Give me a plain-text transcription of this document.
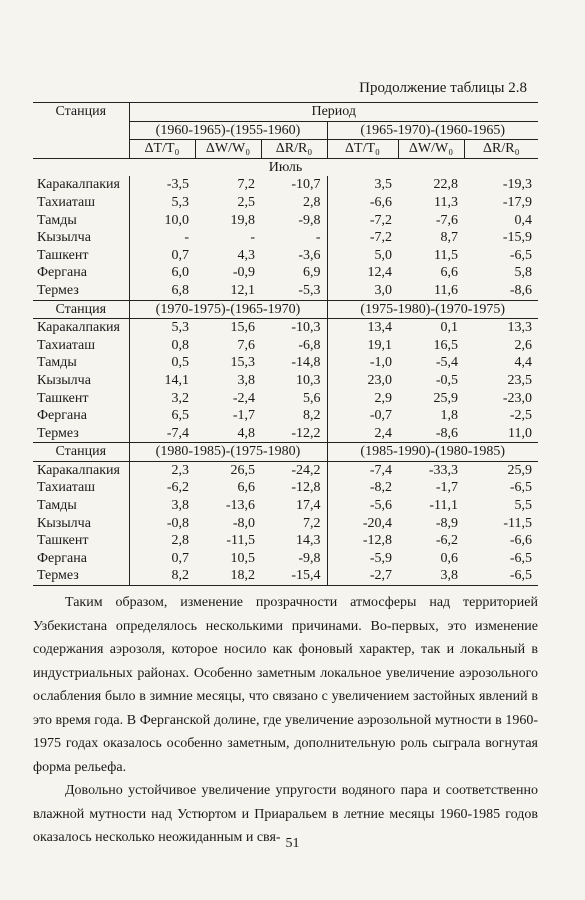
Продолжение таблицы 2.8
Станция	Период					
	(1960-1965)-(1955-1960)			(1965-1970)-(1960-1965)		
	ΔT/T₀	ΔW/W₀	ΔR/R₀	ΔT/T₀	ΔW/W₀	ΔR/R₀
Июль						
Каракалпакия	-3,5	7,2	-10,7	3,5	22,8	-19,3
Тахиаташ	5,3	2,5	2,8	-6,6	11,3	-17,9
Тамды	10,0	19,8	-9,8	-7,2	-7,6	0,4
Кызылча	-	-	-	-7,2	8,7	-15,9
Ташкент	0,7	4,3	-3,6	5,0	11,5	-6,5
Фергана	6,0	-0,9	6,9	12,4	6,6	5,8
Термез	6,8	12,1	-5,3	3,0	11,6	-8,6
Станция	(1970-1975)-(1965-1970)			(1975-1980)-(1970-1975)		
Каракалпакия	5,3	15,6	-10,3	13,4	0,1	13,3
Тахиаташ	0,8	7,6	-6,8	19,1	16,5	2,6
Тамды	0,5	15,3	-14,8	-1,0	-5,4	4,4
Кызылча	14,1	3,8	10,3	23,0	-0,5	23,5
Ташкент	3,2	-2,4	5,6	2,9	25,9	-23,0
Фергана	6,5	-1,7	8,2	-0,7	1,8	-2,5
Термез	-7,4	4,8	-12,2	2,4	-8,6	11,0
Станция	(1980-1985)-(1975-1980)			(1985-1990)-(1980-1985)		
Каракалпакия	2,3	26,5	-24,2	-7,4	-33,3	25,9
Тахиаташ	-6,2	6,6	-12,8	-8,2	-1,7	-6,5
Тамды	3,8	-13,6	17,4	-5,6	-11,1	5,5
Кызылча	-0,8	-8,0	7,2	-20,4	-8,9	-11,5
Ташкент	2,8	-11,5	14,3	-12,8	-6,2	-6,6
Фергана	0,7	10,5	-9,8	-5,9	0,6	-6,5
Термез	8,2	18,2	-15,4	-2,7	3,8	-6,5

Таким образом, изменение прозрачности атмосферы над территорией Узбекистана определялось несколькими причинами. Во-первых, это изменение содержания аэрозоля, которое носило как фоновый характер, так и локальный в индустриальных районах. Особенно заметным локальное увеличение аэрозольного ослабления было в зимние месяцы, что связано с увеличением застойных явлений в это время года. В Ферганской долине, где увеличение аэрозольной мутности в 1960-1975 годах оказалось особенно заметным, дополнительную роль сыграла вогнутая форма рельефа.

Довольно устойчивое увеличение упругости водяного пара и соответственно влажной мутности над Устюртом и Приаральем в летние месяцы 1960-1985 годов оказалось несколько неожиданным и свя- 51
